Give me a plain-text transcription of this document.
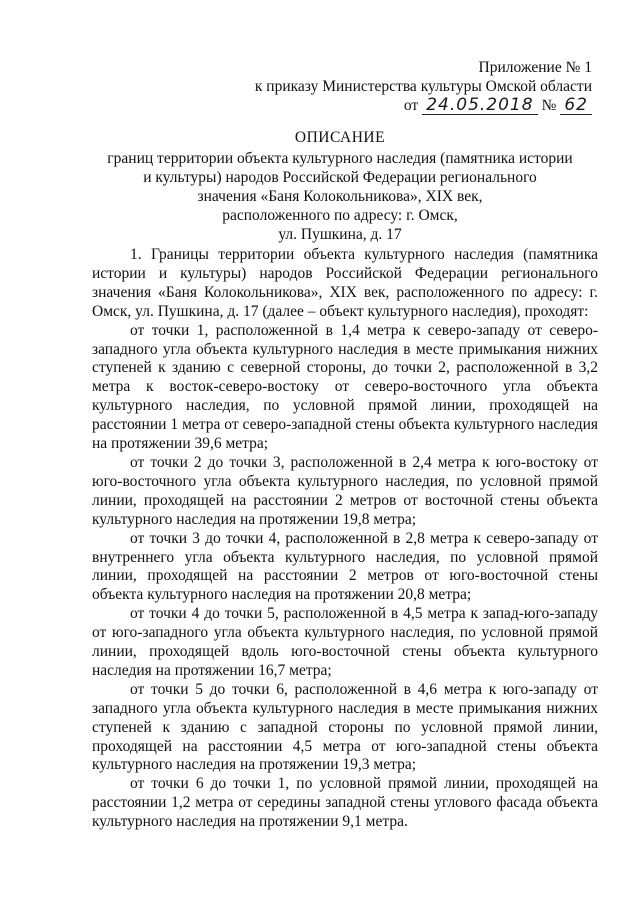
Приложение № 1
к приказу Министерства культуры Омской области
от 24.05.2018 № 62
ОПИСАНИЕ
границ территории объекта культурного наследия (памятника истории
и культуры) народов Российской Федерации регионального
значения «Баня Колокольникова», XIX век,
расположенного по адресу: г. Омск,
ул. Пушкина, д. 17

1. Границы территории объекта культурного наследия (памятника истории и культуры) народов Российской Федерации регионального значения «Баня Колокольникова», XIX век, расположенного по адресу: г. Омск, ул. Пушкина, д. 17 (далее – объект культурного наследия), проходят:

от точки 1, расположенной в 1,4 метра к северо-западу от северо-западного угла объекта культурного наследия в месте примыкания нижних ступеней к зданию с северной стороны, до точки 2, расположенной в 3,2 метра к восток-северо-востоку от северо-восточного угла объекта культурного наследия, по условной прямой линии, проходящей на расстоянии 1 метра от северо-западной стены объекта культурного наследия на протяжении 39,6 метра;

от точки 2 до точки 3, расположенной в 2,4 метра к юго-востоку от юго-восточного угла объекта культурного наследия, по условной прямой линии, проходящей на расстоянии 2 метров от восточной стены объекта культурного наследия на протяжении 19,8 метра;

от точки 3 до точки 4, расположенной в 2,8 метра к северо-западу от внутреннего угла объекта культурного наследия, по условной прямой линии, проходящей на расстоянии 2 метров от юго-восточной стены объекта культурного наследия на протяжении 20,8 метра;

от точки 4 до точки 5, расположенной в 4,5 метра к запад-юго-западу от юго-западного угла объекта культурного наследия, по условной прямой линии, проходящей вдоль юго-восточной стены объекта культурного наследия на протяжении 16,7 метра;

от точки 5 до точки 6, расположенной в 4,6 метра к юго-западу от западного угла объекта культурного наследия в месте примыкания нижних ступеней к зданию с западной стороны по условной прямой линии, проходящей на расстоянии 4,5 метра от юго-западной стены объекта культурного наследия на протяжении 19,3 метра;

от точки 6 до точки 1, по условной прямой линии, проходящей на расстоянии 1,2 метра от середины западной стены углового фасада объекта культурного наследия на протяжении 9,1 метра.
